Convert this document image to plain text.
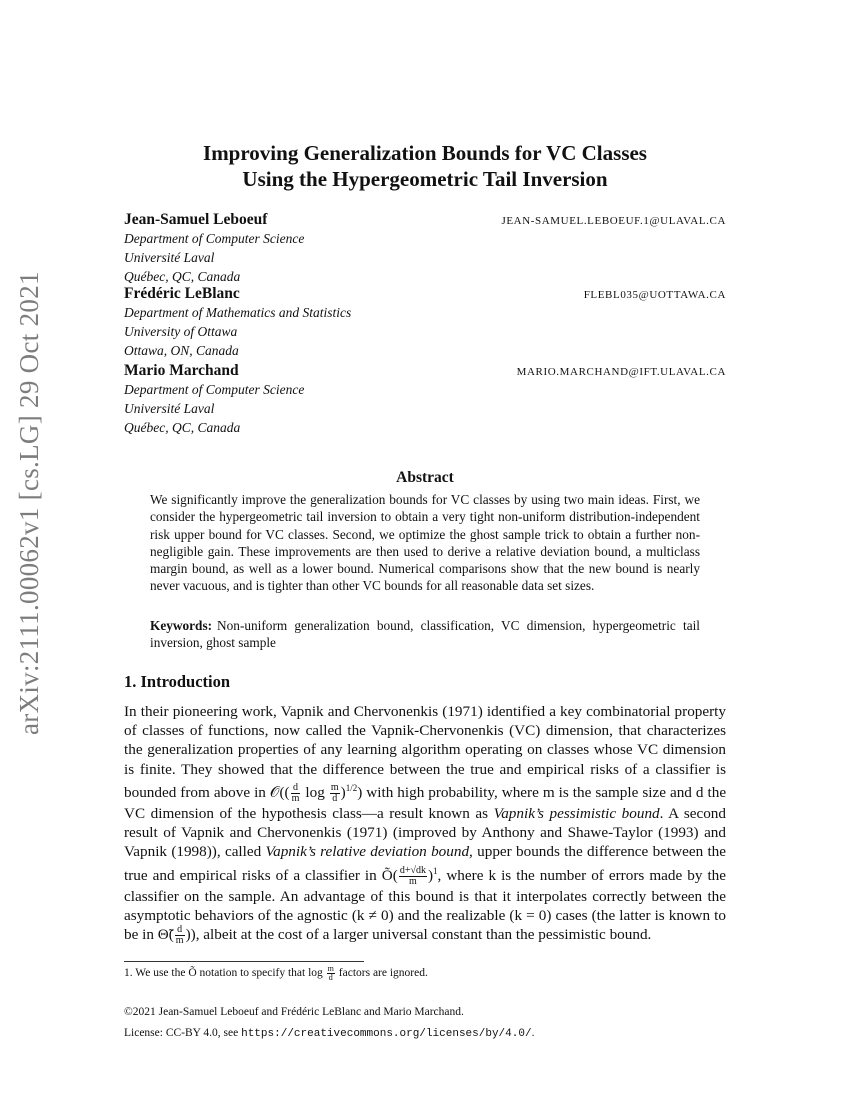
arXiv:2111.00062v1 [cs.LG] 29 Oct 2021
Improving Generalization Bounds for VC Classes
Using the Hypergeometric Tail Inversion
Jean-Samuel Leboeuf	JEAN-SAMUEL.LEBOEUF.1@ULAVAL.CA
Department of Computer Science
Université Laval
Québec, QC, Canada
Frédéric LeBlanc	FLEBL035@UOTTAWA.CA
Department of Mathematics and Statistics
University of Ottawa
Ottawa, ON, Canada
Mario Marchand	MARIO.MARCHAND@IFT.ULAVAL.CA
Department of Computer Science
Université Laval
Québec, QC, Canada
Abstract

We significantly improve the generalization bounds for VC classes by using two main ideas. First, we consider the hypergeometric tail inversion to obtain a very tight non-uniform distribution-independent risk upper bound for VC classes. Second, we optimize the ghost sample trick to obtain a further non-negligible gain. These improvements are then used to derive a relative deviation bound, a multiclass margin bound, as well as a lower bound. Numerical comparisons show that the new bound is nearly never vacuous, and is tighter than other VC bounds for all reasonable data set sizes.

Keywords: Non-uniform generalization bound, classification, VC dimension, hypergeometric tail inversion, ghost sample
1. Introduction

In their pioneering work, Vapnik and Chervonenkis (1971) identified a key combinatorial property of classes of functions, now called the Vapnik-Chervonenkis (VC) dimension, that characterizes the generalization properties of any learning algorithm operating on classes whose VC dimension is finite. They showed that the difference between the true and empirical risks of a classifier is bounded from above in 𝒪(( $\frac{d}{m}$ $\log \frac{m}{d} )^{1/2}$) with high probability, where m is the sample size and d the VC dimension of the hypothesis class—a result known as Vapnik’s pessimistic bound. A second result of Vapnik and Chervonenkis (1971) (improved by Anthony and Shawe-Taylor (1993) and Vapnik (1998)), called Vapnik’s relative deviation bound, upper bounds the difference between the true and empirical risks of a classifier in Õ( $\frac{d+√dk}{m} )^1$, where k is the number of errors made by the classifier on the sample. An advantage of this bound is that it interpolates correctly between the asymptotic behaviors of the agnostic (k ≠ 0) and the realizable (k = 0) cases (the latter is known to be in Θ̃( $\frac{d}{m}$ )), albeit at the cost of a larger universal constant than the pessimistic bound.

1. We use the Õ notation to specify that $\log \frac{m}{d}$ factors are ignored.
©2021 Jean-Samuel Leboeuf and Frédéric LeBlanc and Mario Marchand.
License: CC-BY 4.0, see https://creativecommons.org/licenses/by/4.0/.
